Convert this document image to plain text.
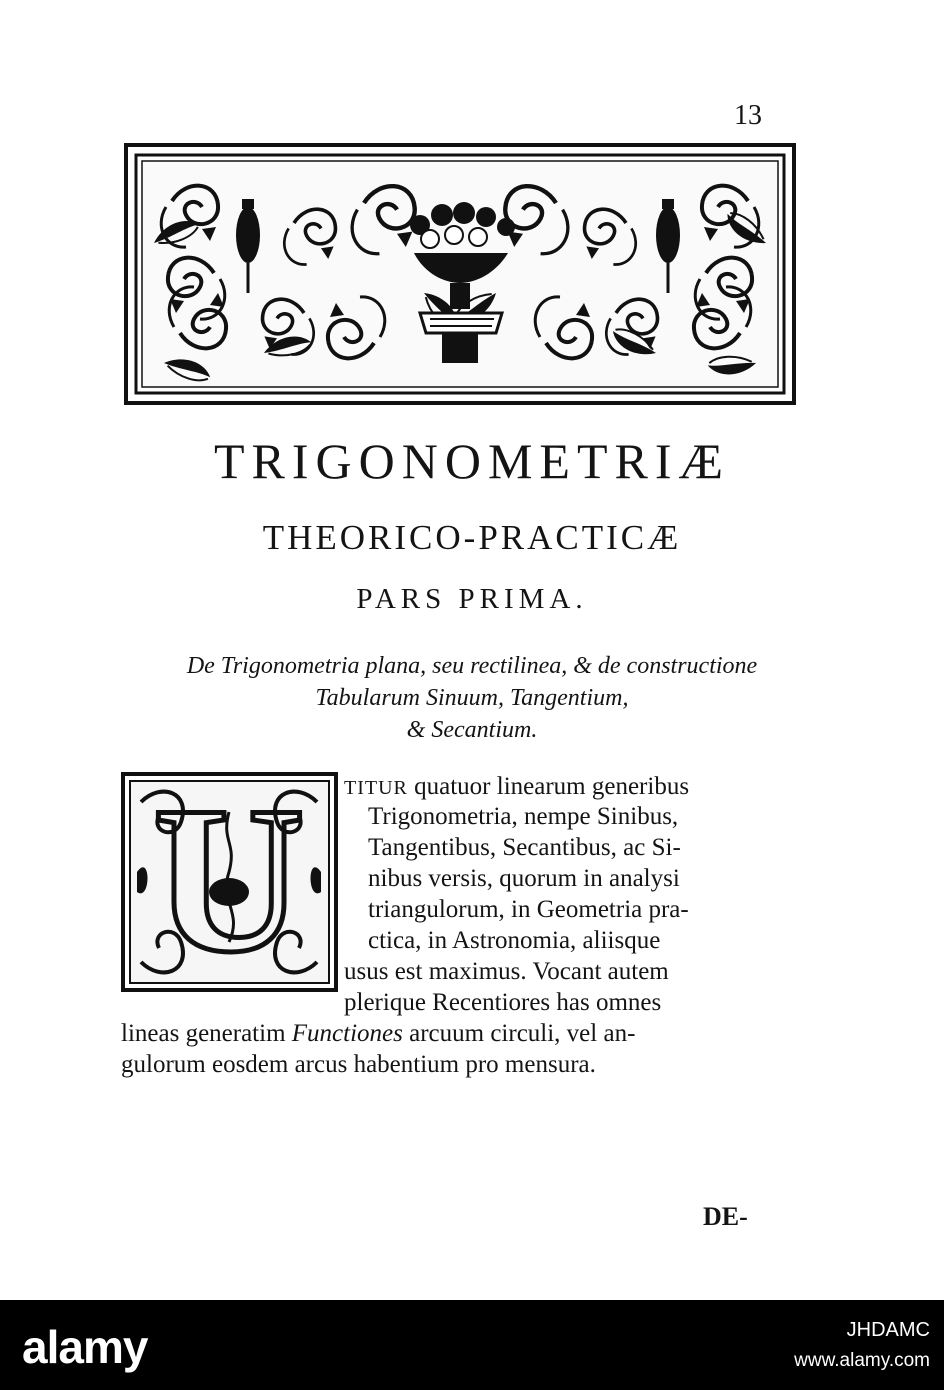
13
TRIGONOMETRIÆ
THEORICO-PRACTICÆ
PARS PRIMA.
De Trigonometria plana, seu rectilinea, & de constructione
Tabularum Sinuum, Tangentium,
& Secantium.
U TITUR quatuor linearum generibus
Trigonometria, nempe Sinibus,
Tangentibus, Secantibus, ac Si-
nibus versis, quorum in analysi
triangulorum, in Geometria pra-
ctica, in Astronomia, aliisque
usus est maximus. Vocant autem
plerique Recentiores has omnes
lineas generatim Functiones arcuum circuli, vel an-
gulorum eosdem arcus habentium pro mensura.
DE-
alamy	JHDAMC
www.alamy.com
